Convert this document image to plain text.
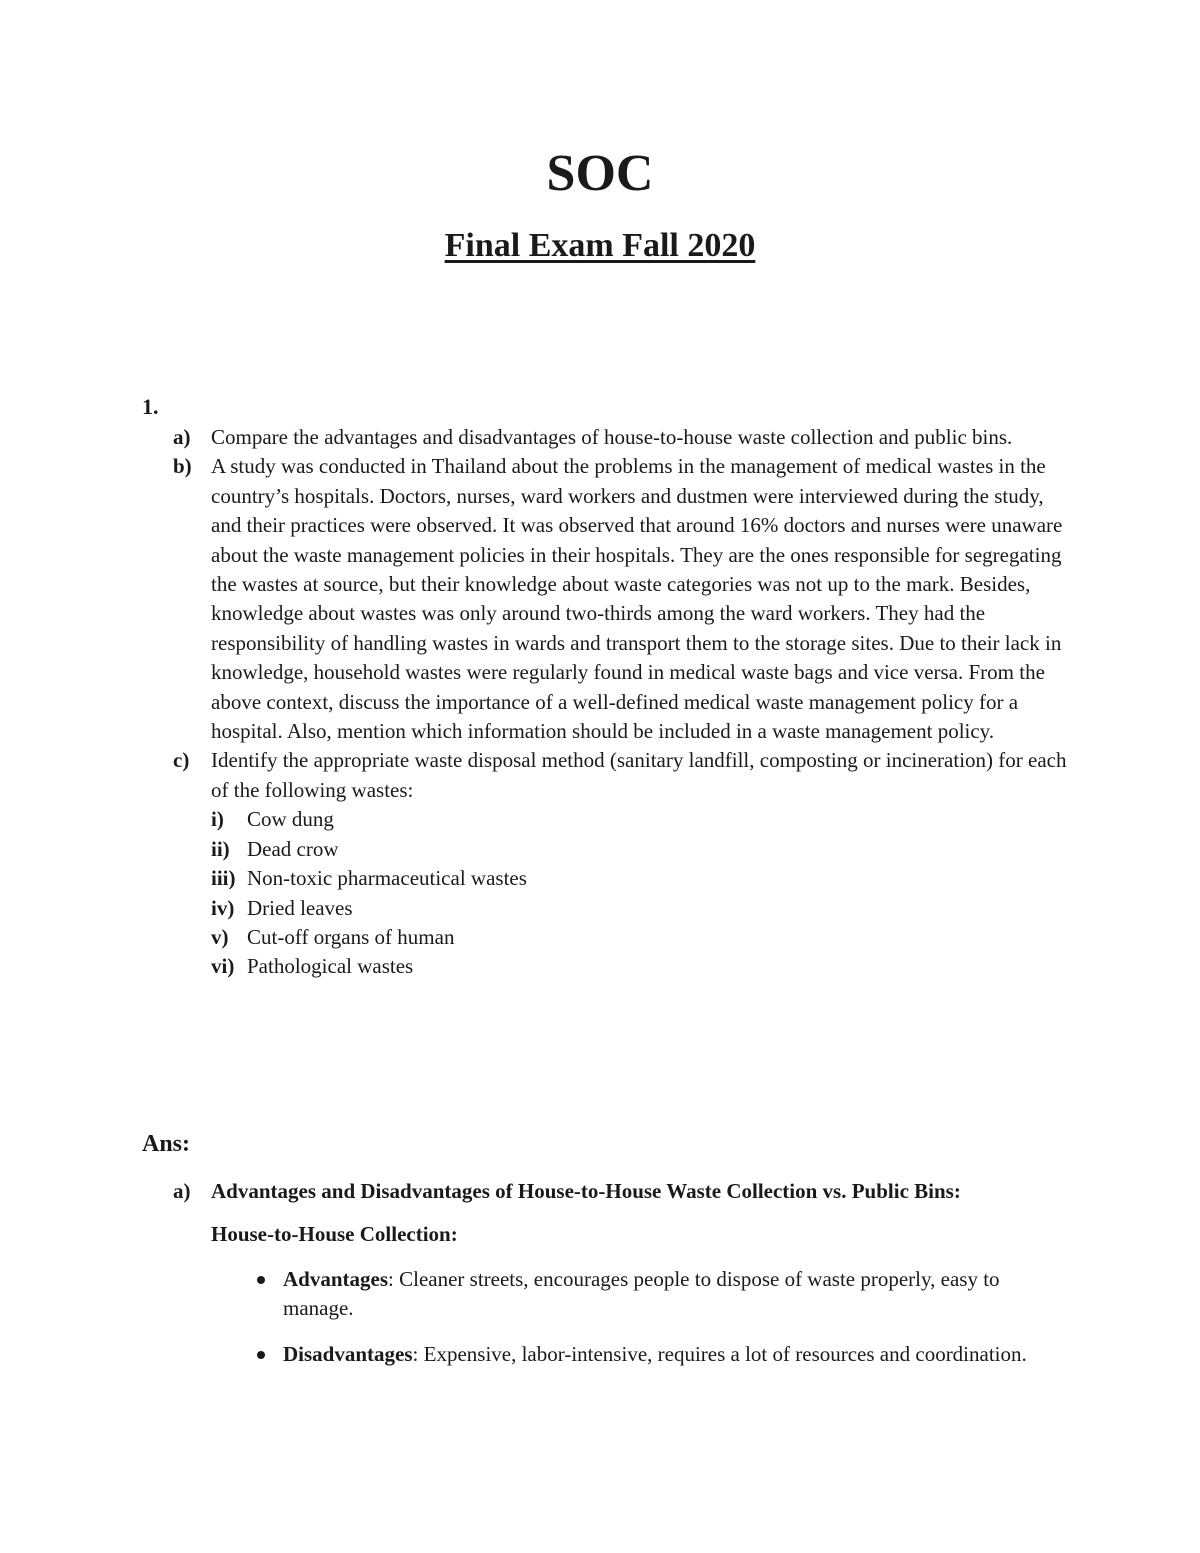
SOC
Final Exam Fall 2020
1.
a) Compare the advantages and disadvantages of house-to-house waste collection and public bins.
b) A study was conducted in Thailand about the problems in the management of medical wastes in the country’s hospitals. Doctors, nurses, ward workers and dustmen were interviewed during the study, and their practices were observed. It was observed that around 16% doctors and nurses were unaware about the waste management policies in their hospitals. They are the ones responsible for segregating the wastes at source, but their knowledge about waste categories was not up to the mark. Besides, knowledge about wastes was only around two-thirds among the ward workers. They had the responsibility of handling wastes in wards and transport them to the storage sites. Due to their lack in knowledge, household wastes were regularly found in medical waste bags and vice versa. From the above context, discuss the importance of a well-defined medical waste management policy for a hospital. Also, mention which information should be included in a waste management policy.
c)	Identify the appropriate waste disposal method (sanitary landfill, composting or incineration) for each of the following wastes:
i)	Cow dung
ii) Dead crow
iii) Non-toxic pharmaceutical wastes
iv) Dried leaves
v) Cut-off organs of human
vi) Pathological wastes
Ans:
a) Advantages and Disadvantages of House-to-House Waste Collection vs. Public Bins:
House-to-House Collection:
Advantages: Cleaner streets, encourages people to dispose of waste properly, easy to manage.
Disadvantages: Expensive, labor-intensive, requires a lot of resources and coordination.
